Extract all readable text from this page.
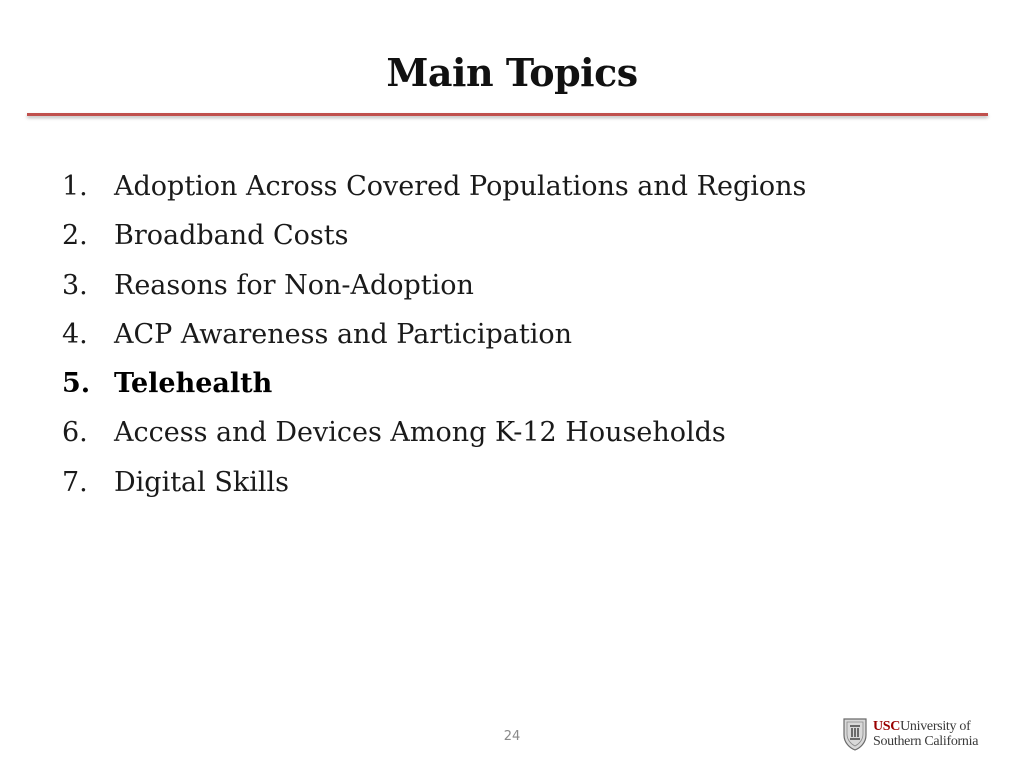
Main Topics
1. Adoption Across Covered Populations and Regions
2. Broadband Costs
3. Reasons for Non-Adoption
4. ACP Awareness and Participation
5. Telehealth
6. Access and Devices Among K-12 Households
7. Digital Skills
24
USCUniversity of
Southern California
